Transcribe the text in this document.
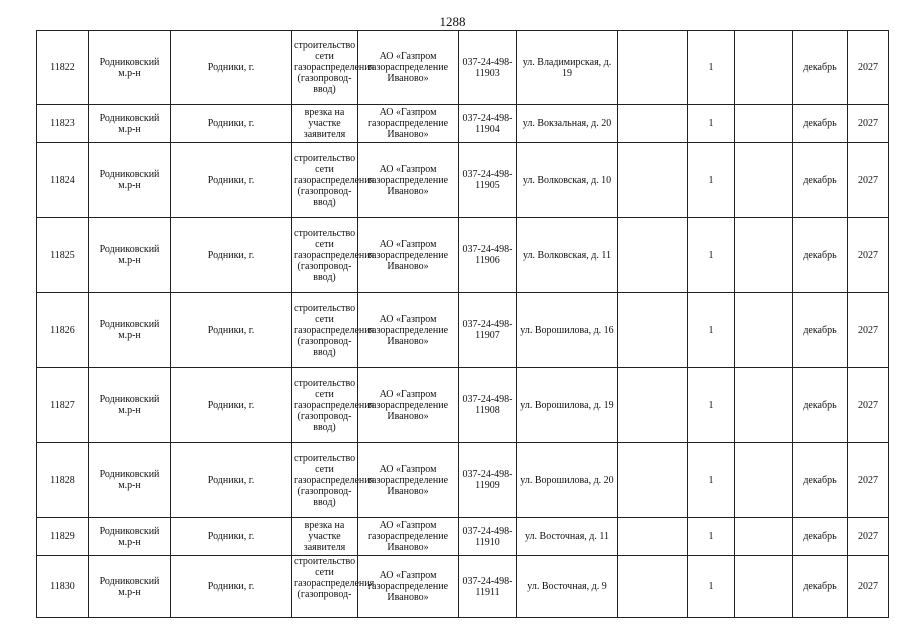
1288
11822	Родниковский м.р-н	Родники, г.	строительство сети газораспределения (газопровод-ввод)	АО «Газпром газораспределение Иваново»	037-24-498-11903	ул. Владимирская, д. 19		1		декабрь	2027
11823	Родниковский м.р-н	Родники, г.	врезка на участке заявителя	АО «Газпром газораспределение Иваново»	037-24-498-11904	ул. Вокзальная, д. 20		1		декабрь	2027
11824	Родниковский м.р-н	Родники, г.	строительство сети газораспределения (газопровод-ввод)	АО «Газпром газораспределение Иваново»	037-24-498-11905	ул. Волковская, д. 10		1		декабрь	2027
11825	Родниковский м.р-н	Родники, г.	строительство сети газораспределения (газопровод-ввод)	АО «Газпром газораспределение Иваново»	037-24-498-11906	ул. Волковская, д. 11		1		декабрь	2027
11826	Родниковский м.р-н	Родники, г.	строительство сети газораспределения (газопровод-ввод)	АО «Газпром газораспределение Иваново»	037-24-498-11907	ул. Ворошилова, д. 16		1		декабрь	2027
11827	Родниковский м.р-н	Родники, г.	строительство сети газораспределения (газопровод-ввод)	АО «Газпром газораспределение Иваново»	037-24-498-11908	ул. Ворошилова, д. 19		1		декабрь	2027
11828	Родниковский м.р-н	Родники, г.	строительство сети газораспределения (газопровод-ввод)	АО «Газпром газораспределение Иваново»	037-24-498-11909	ул. Ворошилова, д. 20		1		декабрь	2027
11829	Родниковский м.р-н	Родники, г.	врезка на участке заявителя	АО «Газпром газораспределение Иваново»	037-24-498-11910	ул. Восточная, д. 11		1		декабрь	2027
11830	Родниковский м.р-н	Родники, г.	строительство сети газораспределения (газопровод-	АО «Газпром газораспределение Иваново»	037-24-498-11911	ул. Восточная, д. 9		1		декабрь	2027
